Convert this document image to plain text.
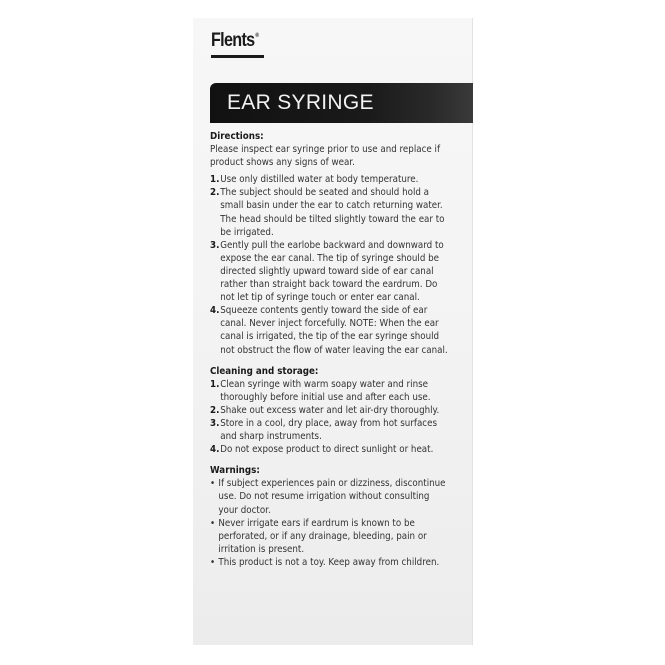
Flents®
EAR SYRINGE
Directions:

Please inspect ear syringe prior to use and replace if product shows any signs of wear.

1. Use only distilled water at body temperature.
2. The subject should be seated and should hold a small basin under the ear to catch returning water. The head should be tilted slightly toward the ear to be irrigated.
3. Gently pull the earlobe backward and downward to expose the ear canal. The tip of syringe should be directed slightly upward toward side of ear canal rather than straight back toward the eardrum. Do not let tip of syringe touch or enter ear canal.
4. Squeeze contents gently toward the side of ear canal. Never inject forcefully. NOTE: When the ear canal is irrigated, the tip of the ear syringe should not obstruct the flow of water leaving the ear canal.
Cleaning and storage:
1. Clean syringe with warm soapy water and rinse thoroughly before initial use and after each use.
2. Shake out excess water and let air-dry thoroughly.
3. Store in a cool, dry place, away from hot surfaces and sharp instruments.
4. Do not expose product to direct sunlight or heat.
Warnings:
• If subject experiences pain or dizziness, discontinue use. Do not resume irrigation without consulting your doctor.
• Never irrigate ears if eardrum is known to be perforated, or if any drainage, bleeding, pain or irritation is present.
• This product is not a toy. Keep away from children.
